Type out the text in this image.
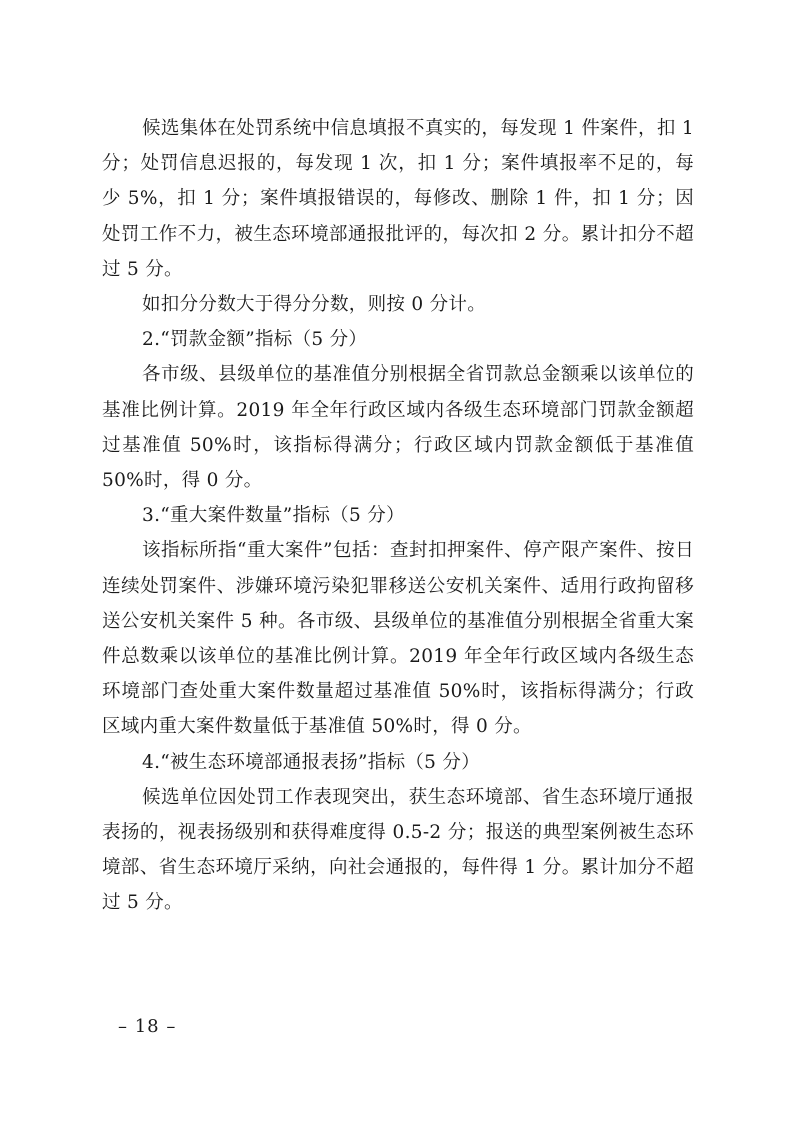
候选集体在处罚系统中信息填报不真实的，每发现 1 件案件，扣 1 分；处罚信息迟报的，每发现 1 次，扣 1 分；案件填报率不足的，每少 5%，扣 1 分；案件填报错误的，每修改、删除 1 件，扣 1 分；因处罚工作不力，被生态环境部通报批评的，每次扣 2 分。累计扣分不超过 5 分。

如扣分分数大于得分分数，则按 0 分计。

2.“罚款金额”指标（5 分）

各市级、县级单位的基准值分别根据全省罚款总金额乘以该单位的基准比例计算。2019 年全年行政区域内各级生态环境部门罚款金额超过基准值 50%时，该指标得满分；行政区域内罚款金额低于基准值 50%时，得 0 分。

3.“重大案件数量”指标（5 分）

该指标所指“重大案件”包括：查封扣押案件、停产限产案件、按日连续处罚案件、涉嫌环境污染犯罪移送公安机关案件、适用行政拘留移送公安机关案件 5 种。各市级、县级单位的基准值分别根据全省重大案件总数乘以该单位的基准比例计算。2019 年全年行政区域内各级生态环境部门查处重大案件数量超过基准值 50%时，该指标得满分；行政区域内重大案件数量低于基准值 50%时，得 0 分。

4.“被生态环境部通报表扬”指标（5 分）

候选单位因处罚工作表现突出，获生态环境部、省生态环境厅通报表扬的，视表扬级别和获得难度得 0.5-2 分；报送的典型案例被生态环境部、省生态环境厅采纳，向社会通报的，每件得 1 分。累计加分不超过 5 分。

– 18 –
